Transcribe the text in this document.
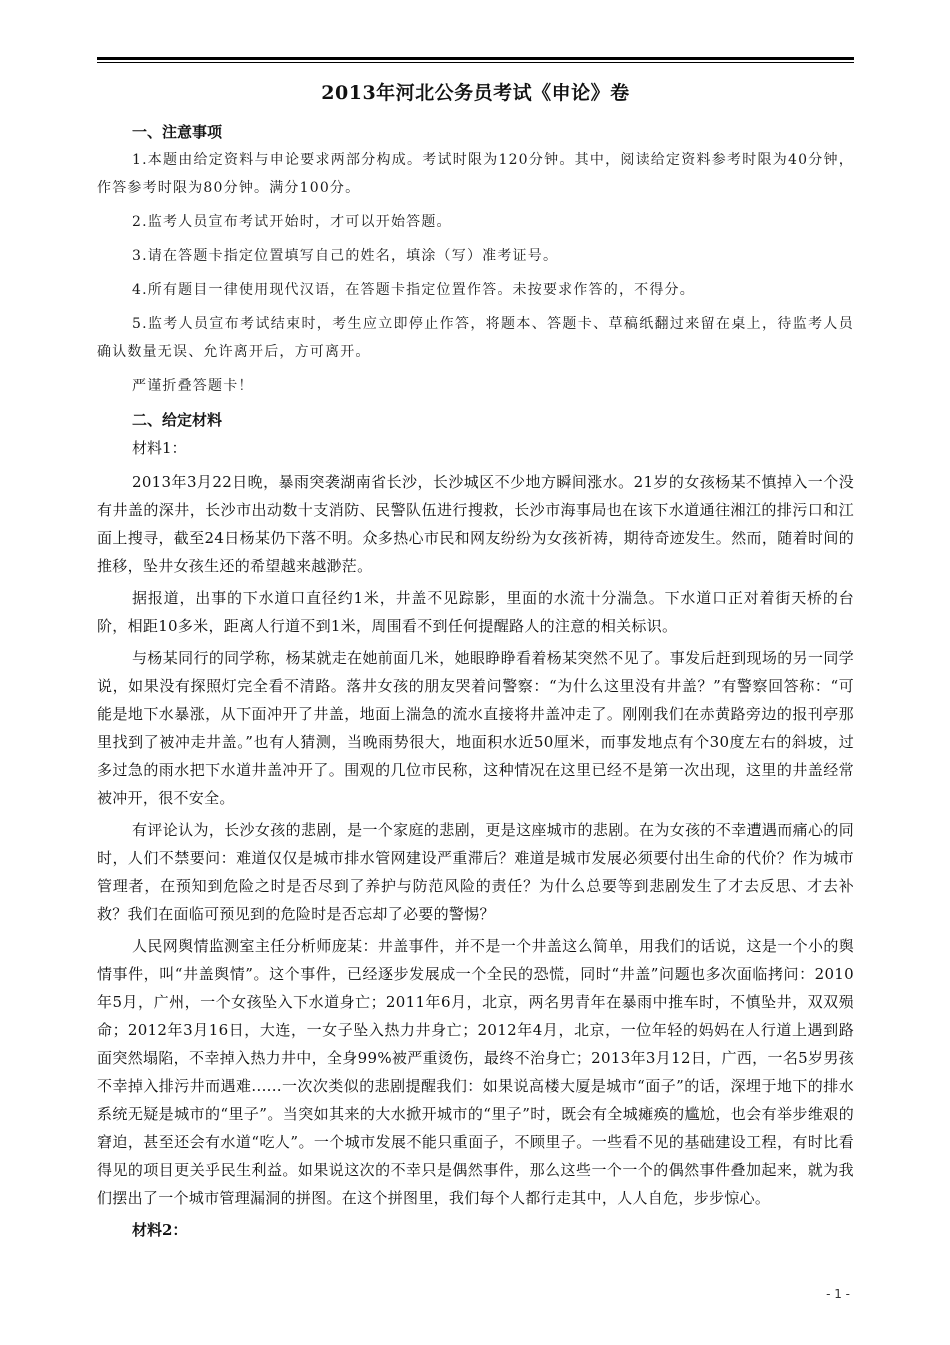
2013年河北公务员考试《申论》卷
一、注意事项

1.本题由给定资料与申论要求两部分构成。考试时限为120分钟。其中，阅读给定资料参考时限为40分钟，作答参考时限为80分钟。满分100分。

2.监考人员宣布考试开始时，才可以开始答题。

3.请在答题卡指定位置填写自己的姓名，填涂（写）准考证号。

4.所有题目一律使用现代汉语，在答题卡指定位置作答。未按要求作答的，不得分。

5.监考人员宣布考试结束时，考生应立即停止作答，将题本、答题卡、草稿纸翻过来留在桌上，待监考人员确认数量无误、允许离开后，方可离开。

严谨折叠答题卡！

二、给定材料
材料1：

2013年3月22日晚，暴雨突袭湖南省长沙，长沙城区不少地方瞬间涨水。21岁的女孩杨某不慎掉入一个没有井盖的深井，长沙市出动数十支消防、民警队伍进行搜救，长沙市海事局也在该下水道通往湘江的排污口和江面上搜寻，截至24日杨某仍下落不明。众多热心市民和网友纷纷为女孩祈祷，期待奇迹发生。然而，随着时间的推移，坠井女孩生还的希望越来越渺茫。

据报道，出事的下水道口直径约1米，井盖不见踪影，里面的水流十分湍急。下水道口正对着街天桥的台阶，相距10多米，距离人行道不到1米，周围看不到任何提醒路人的注意的相关标识。

与杨某同行的同学称，杨某就走在她前面几米，她眼睁睁看着杨某突然不见了。事发后赶到现场的另一同学说，如果没有探照灯完全看不清路。落井女孩的朋友哭着问警察：“为什么这里没有井盖？”有警察回答称：“可能是地下水暴涨，从下面冲开了井盖，地面上湍急的流水直接将井盖冲走了。刚刚我们在赤黄路旁边的报刊亭那里找到了被冲走井盖。”也有人猜测，当晚雨势很大，地面积水近50厘米，而事发地点有个30度左右的斜坡，过多过急的雨水把下水道井盖冲开了。围观的几位市民称，这种情况在这里已经不是第一次出现，这里的井盖经常被冲开，很不安全。

有评论认为，长沙女孩的悲剧，是一个家庭的悲剧，更是这座城市的悲剧。在为女孩的不幸遭遇而痛心的同时，人们不禁要问：难道仅仅是城市排水管网建设严重滞后？难道是城市发展必须要付出生命的代价？作为城市管理者，在预知到危险之时是否尽到了养护与防范风险的责任？为什么总要等到悲剧发生了才去反思、才去补救？我们在面临可预见到的危险时是否忘却了必要的警惕？

人民网舆情监测室主任分析师庞某：井盖事件，并不是一个井盖这么简单，用我们的话说，这是一个小的舆情事件，叫“井盖舆情”。这个事件，已经逐步发展成一个全民的恐慌，同时“井盖”问题也多次面临拷问：2010年5月，广州，一个女孩坠入下水道身亡；2011年6月，北京，两名男青年在暴雨中推车时，不慎坠井，双双殒命；2012年3月16日，大连，一女子坠入热力井身亡；2012年4月，北京，一位年轻的妈妈在人行道上遇到路面突然塌陷，不幸掉入热力井中，全身99%被严重烫伤，最终不治身亡；2013年3月12日，广西，一名5岁男孩不幸掉入排污井而遇难......一次次类似的悲剧提醒我们：如果说高楼大厦是城市“面子”的话，深埋于地下的排水系统无疑是城市的“里子”。当突如其来的大水掀开城市的“里子”时，既会有全城瘫痪的尴尬，也会有举步维艰的窘迫，甚至还会有水道“吃人”。一个城市发展不能只重面子，不顾里子。一些看不见的基础建设工程，有时比看得见的项目更关乎民生利益。如果说这次的不幸只是偶然事件，那么这些一个一个的偶然事件叠加起来，就为我们摆出了一个城市管理漏洞的拼图。在这个拼图里，我们每个人都行走其中，人人自危，步步惊心。

材料2：
- 1 -
